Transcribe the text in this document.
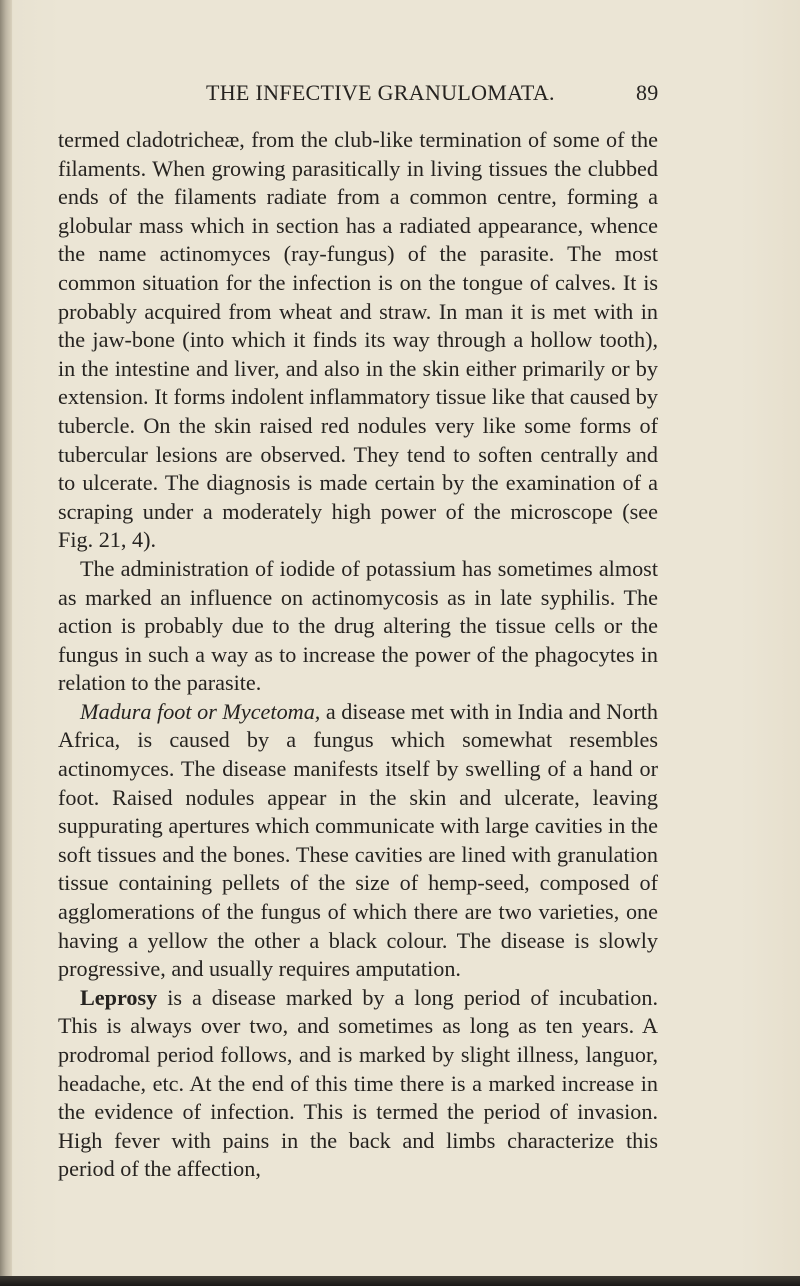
THE INFECTIVE GRANULOMATA.	89

termed cladotricheæ, from the club-like termination of some of the filaments. When growing parasitically in living tissues the clubbed ends of the filaments radiate from a common centre, forming a globular mass which in section has a radiated appearance, whence the name actinomyces (ray-fungus) of the parasite. The most common situation for the infection is on the tongue of calves. It is probably acquired from wheat and straw. In man it is met with in the jaw-bone (into which it finds its way through a hollow tooth), in the intestine and liver, and also in the skin either primarily or by extension. It forms indolent inflammatory tissue like that caused by tubercle. On the skin raised red nodules very like some forms of tubercular lesions are observed. They tend to soften centrally and to ulcerate. The diagnosis is made certain by the examination of a scraping under a moderately high power of the microscope (see Fig. 21, 4).

The administration of iodide of potassium has sometimes almost as marked an influence on actinomycosis as in late syphilis. The action is probably due to the drug altering the tissue cells or the fungus in such a way as to increase the power of the phagocytes in relation to the parasite.

Madura foot or Mycetoma, a disease met with in India and North Africa, is caused by a fungus which somewhat resembles actinomyces. The disease manifests itself by swelling of a hand or foot. Raised nodules appear in the skin and ulcerate, leaving suppurating apertures which communicate with large cavities in the soft tissues and the bones. These cavities are lined with granulation tissue containing pellets of the size of hemp-seed, composed of agglomerations of the fungus of which there are two varieties, one having a yellow the other a black colour. The disease is slowly progressive, and usually requires amputation.

Leprosy is a disease marked by a long period of incubation. This is always over two, and sometimes as long as ten years. A prodromal period follows, and is marked by slight illness, languor, headache, etc. At the end of this time there is a marked increase in the evidence of infection. This is termed the period of invasion. High fever with pains in the back and limbs characterize this period of the affection,
